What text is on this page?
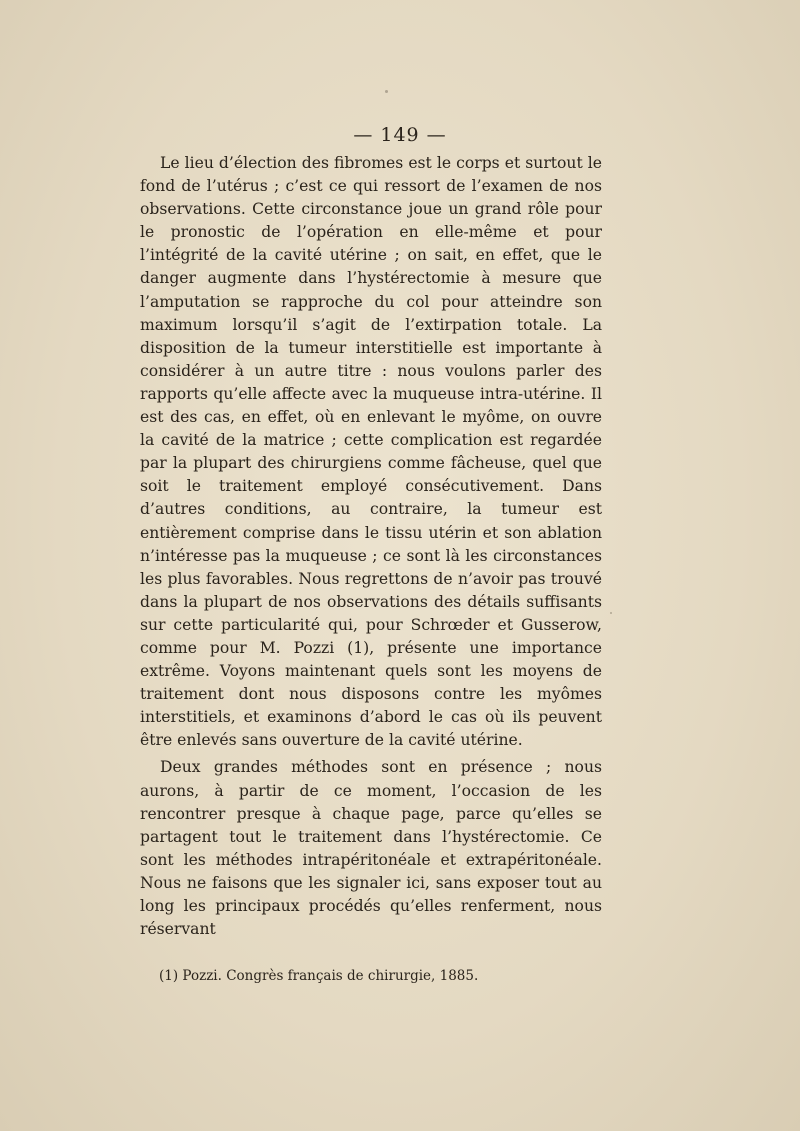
— 149 —

Le lieu d’élection des fibromes est le corps et surtout le fond de l’utérus ; c’est ce qui ressort de l’examen de nos observations. Cette circonstance joue un grand rôle pour le pronostic de l’opération en elle-même et pour l’intégrité de la cavité utérine ; on sait, en effet, que le danger augmente dans l’hystérectomie à mesure que l’amputation se rapproche du col pour atteindre son maximum lorsqu’il s’agit de l’extirpation totale. La disposition de la tumeur interstitielle est importante à considérer à un autre titre : nous voulons parler des rapports qu’elle affecte avec la muqueuse intra-utérine. Il est des cas, en effet, où en enlevant le myôme, on ouvre la cavité de la matrice ; cette complication est regardée par la plupart des chirurgiens comme fâcheuse, quel que soit le traitement employé consécutivement. Dans d’autres conditions, au contraire, la tumeur est entièrement comprise dans le tissu utérin et son ablation n’intéresse pas la muqueuse ; ce sont là les circonstances les plus favorables. Nous regrettons de n’avoir pas trouvé dans la plupart de nos observations des détails suffisants sur cette particularité qui, pour Schrœder et Gusserow, comme pour M. Pozzi (1), présente une importance extrême. Voyons maintenant quels sont les moyens de traitement dont nous disposons contre les myômes interstitiels, et examinons d’abord le cas où ils peuvent être enlevés sans ouverture de la cavité utérine.

Deux grandes méthodes sont en présence ; nous aurons, à partir de ce moment, l’occasion de les rencontrer presque à chaque page, parce qu’elles se partagent tout le traitement dans l’hystérectomie. Ce sont les méthodes intrapéritonéale et extrapéritonéale. Nous ne faisons que les signaler ici, sans exposer tout au long les principaux procédés qu’elles renferment, nous réservant

(1) Pozzi. Congrès français de chirurgie, 1885.
